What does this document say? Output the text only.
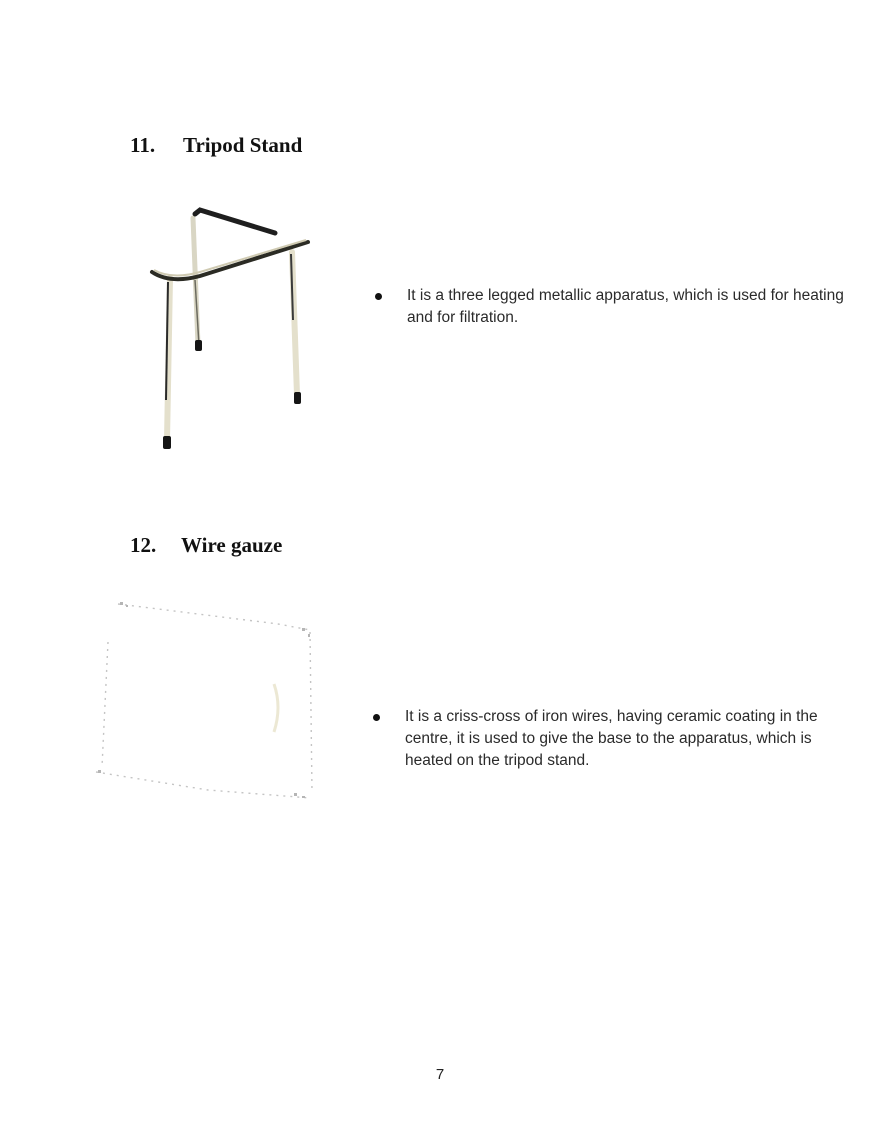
11. Tripod Stand
It is a three legged metallic apparatus, which is used for heating and for filtration.
12. Wire gauze
It is a criss-cross of iron wires, having ceramic coating in the centre, it is used to give the base to the apparatus, which is heated on the tripod stand.
7
